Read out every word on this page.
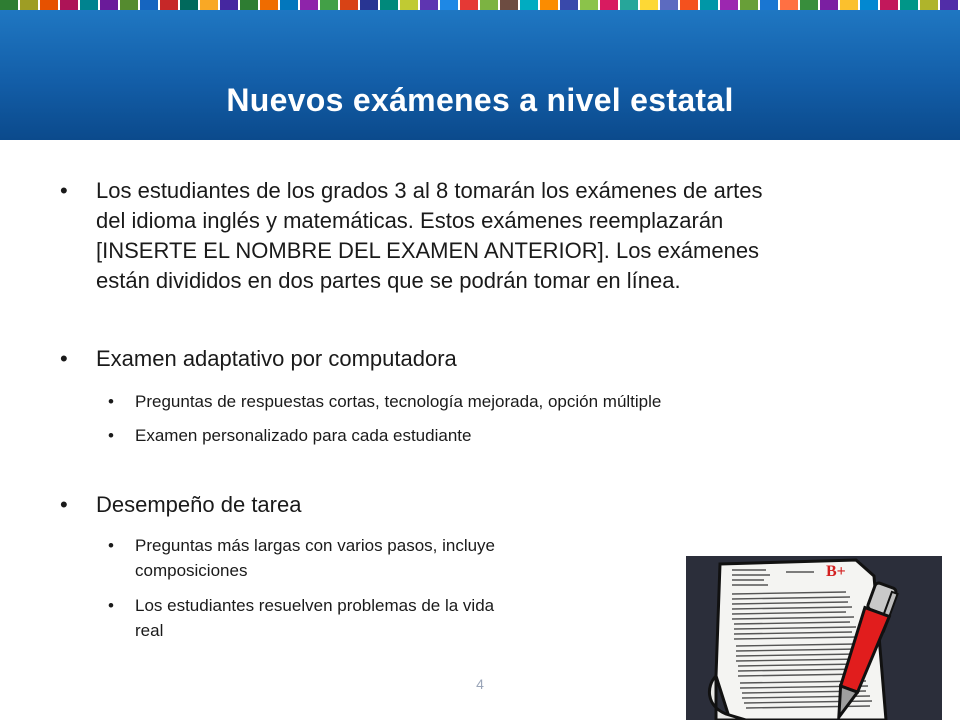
Nuevos exámenes a nivel estatal
• Los estudiantes de los grados 3 al 8 tomarán los exámenes de artes
del idioma inglés y matemáticas. Estos exámenes reemplazarán
[INSERTE EL NOMBRE DEL EXAMEN ANTERIOR]. Los exámenes
están divididos en dos partes que se podrán tomar en línea.
• Examen adaptativo por computadora
• Preguntas de respuestas cortas, tecnología mejorada, opción múltiple
• Examen personalizado para cada estudiante
• Desempeño de tarea
• Preguntas más largas con varios pasos, incluye
composiciones
• Los estudiantes resuelven problemas de la vida
real
4
B+
